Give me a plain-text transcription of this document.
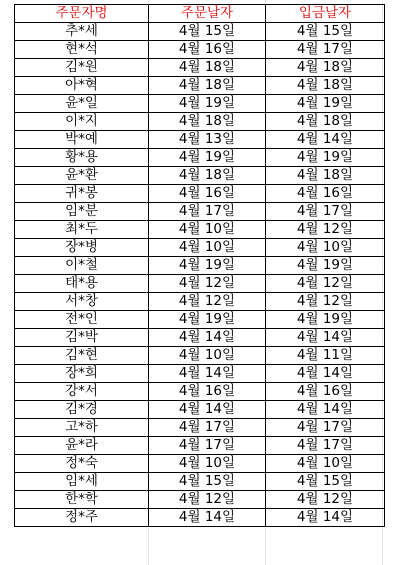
주문자명	주문날자	입금날자
추*세	4월 15일	4월 15일
현*석	4월 16일	4월 17일
김*원	4월 18일	4월 18일
아*혁	4월 18일	4월 18일
윤*일	4월 19일	4월 19일
이*지	4월 18일	4월 18일
박*예	4월 13일	4월 14일
황*용	4월 19일	4월 19일
윤*환	4월 18일	4월 18일
귀*봉	4월 16일	4월 16일
임*분	4월 17일	4월 17일
최*두	4월 10일	4월 12일
장*병	4월 10일	4월 10일
이*철	4월 19일	4월 19일
태*용	4월 12일	4월 12일
서*창	4월 12일	4월 12일
전*인	4월 19일	4월 19일
김*박	4월 14일	4월 14일
김*현	4월 10일	4월 11일
장*희	4월 14일	4월 14일
강*서	4월 16일	4월 16일
김*경	4월 14일	4월 14일
고*하	4월 17일	4월 17일
윤*라	4월 17일	4월 17일
정*숙	4월 10일	4월 10일
임*세	4월 15일	4월 15일
한*학	4월 12일	4월 12일
정*주	4월 14일	4월 14일
